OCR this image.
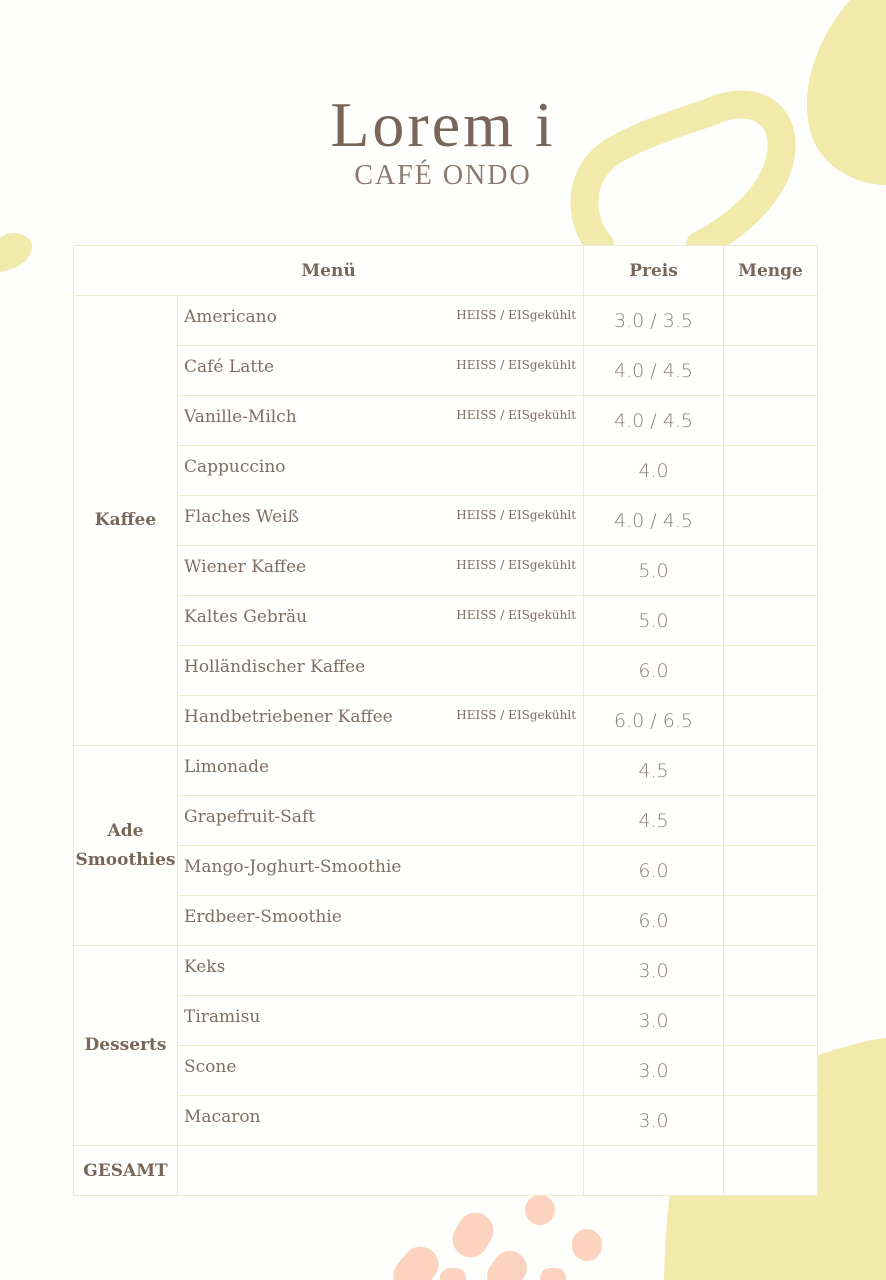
Lorem i
CAFÉ ONDO
Menü		Preis	Menge
Kaffee	Americano HEISS / EISgekühlt	3.0 / 3.5	

	Café Latte HEISS / EISgekühlt	4.0 / 4.5	

	Vanille-Milch HEISS / EISgekühlt	4.0 / 4.5	

	Cappuccino	4.0	

	Flaches Weiß HEISS / EISgekühlt	4.0 / 4.5	

	Wiener Kaffee HEISS / EISgekühlt	5.0	

	Kaltes Gebräu HEISS / EISgekühlt	5.0	

	Holländischer Kaffee	6.0	

	Handbetriebener Kaffee HEISS / EISgekühlt	6.0 / 6.5	
Ade
Smoothies	Limonade	4.5	

	Grapefruit-Saft	4.5	

	Mango-Joghurt-Smoothie	6.0	

	Erdbeer-Smoothie	6.0	
Desserts	Keks	3.0	

	Tiramisu	3.0	

	Scone	3.0	

	Macaron	3.0	
GESAMT			
